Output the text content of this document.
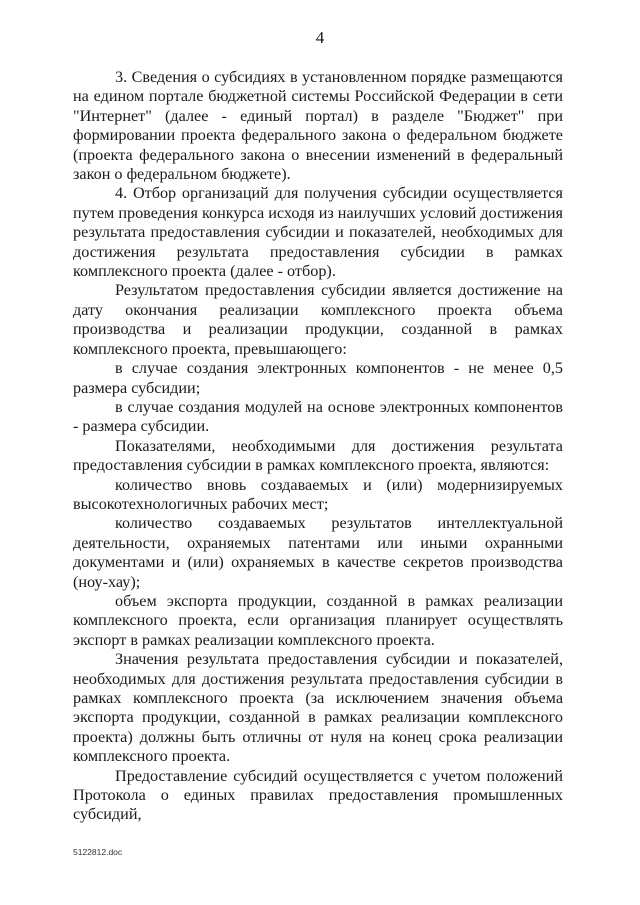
4

3. Сведения о субсидиях в установленном порядке размещаются на едином портале бюджетной системы Российской Федерации в сети "Интернет" (далее - единый портал) в разделе "Бюджет" при формировании проекта федерального закона о федеральном бюджете (проекта федерального закона о внесении изменений в федеральный закон о федеральном бюджете).

4. Отбор организаций для получения субсидии осуществляется путем проведения конкурса исходя из наилучших условий достижения результата предоставления субсидии и показателей, необходимых для достижения результата предоставления субсидии в рамках комплексного проекта (далее - отбор).

Результатом предоставления субсидии является достижение на дату окончания реализации комплексного проекта объема производства и реализации продукции, созданной в рамках комплексного проекта, превышающего:

в случае создания электронных компонентов - не менее 0,5 размера субсидии;

в случае создания модулей на основе электронных компонентов - размера субсидии.

Показателями, необходимыми для достижения результата предоставления субсидии в рамках комплексного проекта, являются:

количество вновь создаваемых и (или) модернизируемых высокотехнологичных рабочих мест;

количество создаваемых результатов интеллектуальной деятельности, охраняемых патентами или иными охранными документами и (или) охраняемых в качестве секретов производства (ноу-хау);

объем экспорта продукции, созданной в рамках реализации комплексного проекта, если организация планирует осуществлять экспорт в рамках реализации комплексного проекта.

Значения результата предоставления субсидии и показателей, необходимых для достижения результата предоставления субсидии в рамках комплексного проекта (за исключением значения объема экспорта продукции, созданной в рамках реализации комплексного проекта) должны быть отличны от нуля на конец срока реализации комплексного проекта.

Предоставление субсидий осуществляется с учетом положений Протокола о единых правилах предоставления промышленных субсидий,

5122812.doc
